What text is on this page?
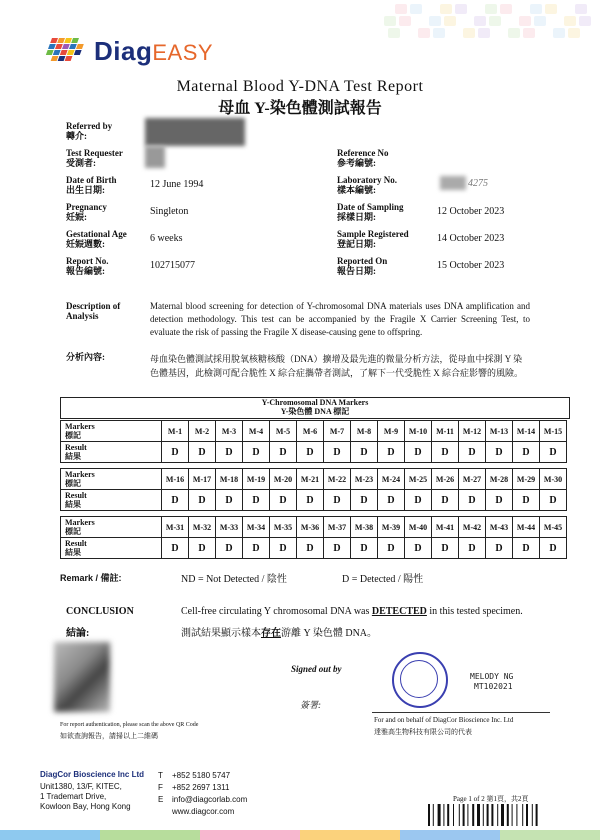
DiagEASY
Maternal Blood Y-DNA Test Report
母血 Y-染色體測試報告
Referred by
轉介:
Test Requester
受測者:
Date of Birth
出生日期:	12 June 1994
Pregnancy
妊娠:	Singleton
Gestational Age
妊娠週數:	6 weeks
Report No.
報告編號:	102715077
Reference No
參考編號:
Laboratory No.
樣本編號:
4275
Date of Sampling
採樣日期:	12 October 2023
Sample Registered
登記日期:	14 October 2023
Reported On
報告日期:	15 October 2023
Description of Analysis
Maternal blood screening for detection of Y-chromosomal DNA materials uses DNA amplification and detection methodology. This test can be accompanied by the Fragile X Carrier Screening Test, to evaluate the risk of passing the Fragile X disease-causing gene to offspring.
分析內容:	母血染色體測試採用脫氧核糖核酸（DNA）擴增及最先進的微量分析方法，從母血中採測 Y 染色體基因，此檢測可配合脆性 X 綜合症攜帶者測試，了解下一代受脆性 X 綜合症影響的風險。
Y-Chromosomal DNA Markers
Y-染色體 DNA 標記
Markers
標記	M-1	M-2	M-3	M-4	M-5	M-6	M-7	M-8	M-9	M-10	M-11	M-12	M-13	M-14	M-15

Result
結果	D	D	D	D	D	D	D	D	D	D	D	D	D	D	D
Markers
標記	M-16	M-17	M-18	M-19	M-20	M-21	M-22	M-23	M-24	M-25	M-26	M-27	M-28	M-29	M-30

Result
結果	D	D	D	D	D	D	D	D	D	D	D	D	D	D	D
Markers
標記	M-31	M-32	M-33	M-34	M-35	M-36	M-37	M-38	M-39	M-40	M-41	M-42	M-43	M-44	M-45

Result
結果	D	D	D	D	D	D	D	D	D	D	D	D	D	D	D
Remark / 備註:	ND = Not Detected / 陰性	D = Detected / 陽性
CONCLUSION
結論:
Cell-free circulating Y chromosomal DNA was DETECTED in this tested specimen.
測試結果顯示樣本存在游離 Y 染色體 DNA。
For report authentication, please scan the above QR Code
如欲查詢報告，請掃以上二維碼
Signed out by
簽署:
MELODY NG
MT102021
For and on behalf of DiagCor Bioscience Inc. Ltd
達雅高生物科技有限公司的代表
DiagCor Bioscience Inc Ltd
Unit1380, 13/F, KITEC,
1 Trademart Drive,
Kowloon Bay, Hong Kong
T
F
E
+852 5180 5747
+852 2697 1311
info@diagcorlab.com
www.diagcor.com
Page 1 of 2 第1頁，共2頁
